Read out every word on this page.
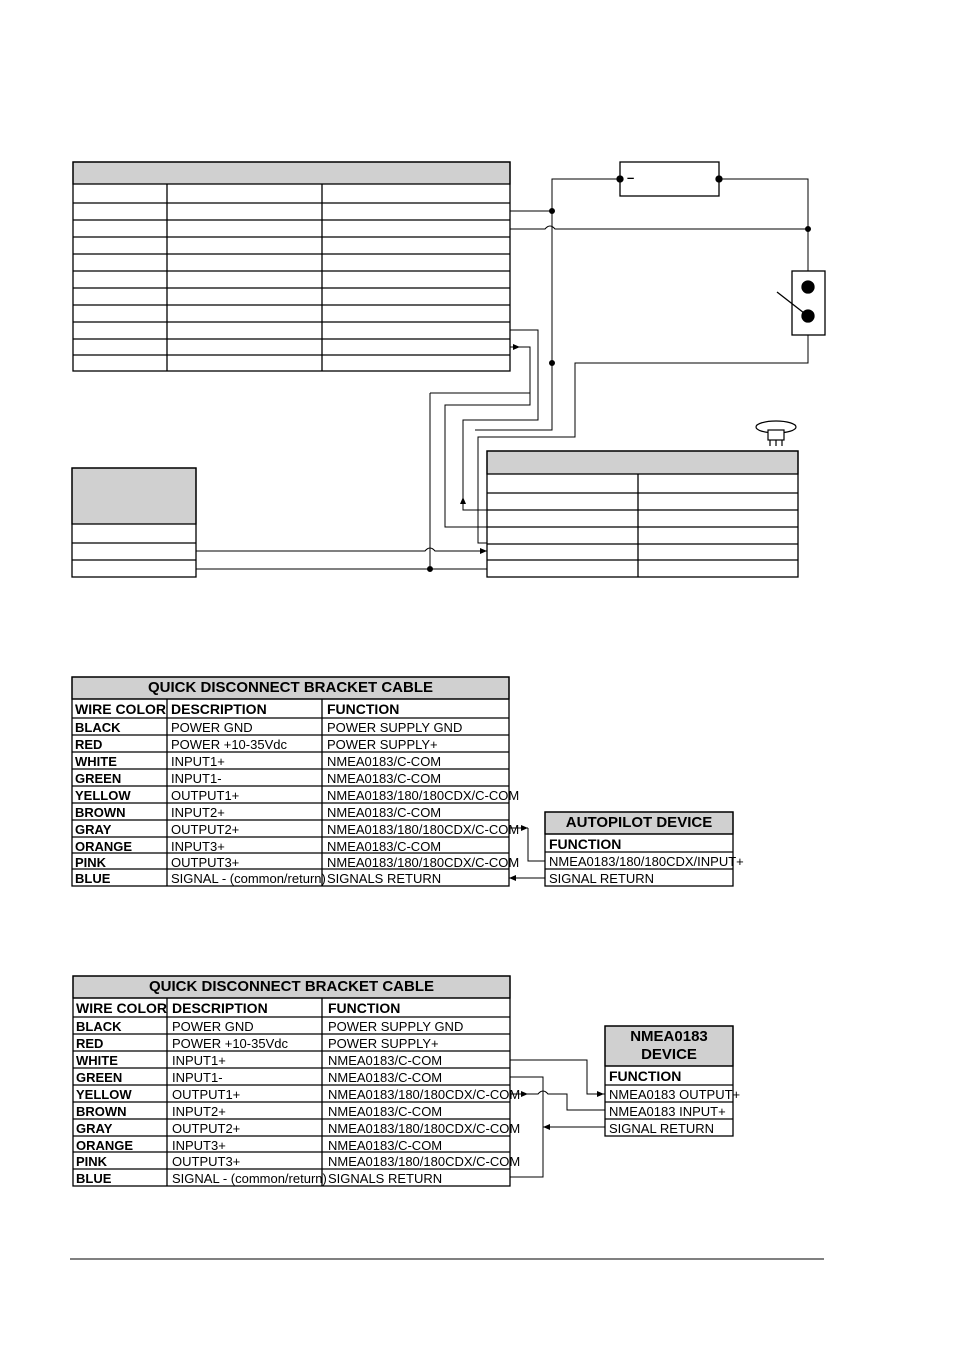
–
QUICK DISCONNECT BRACKET CABLE
WIRE COLOR DESCRIPTION	FUNCTION
BLACK	POWER GND	POWER SUPPLY GND
RED	POWER +10-35Vdc	POWER SUPPLY+
WHITE	INPUT1+	NMEA0183/C-COM
GREEN	INPUT1-	NMEA0183/C-COM
YELLOW	OUTPUT1+	NMEA0183/180/180CDX/C-COM
BROWN	INPUT2+	NMEA0183/C-COM
GRAY	OUTPUT2+	NMEA0183/180/180CDX/C-COM
ORANGE	INPUT3+	NMEA0183/C-COM
PINK	OUTPUT3+	NMEA0183/180/180CDX/C-COM
BLUE	SIGNAL - (common/return) SIGNALS RETURN
AUTOPILOT DEVICE
FUNCTION
NMEA0183/180/180CDX/INPUT+
SIGNAL RETURN
QUICK DISCONNECT BRACKET CABLE
WIRE COLOR DESCRIPTION	FUNCTION
BLACK	POWER GND	POWER SUPPLY GND
RED	POWER +10-35Vdc	POWER SUPPLY+
WHITE	INPUT1+	NMEA0183/C-COM
GREEN	INPUT1-	NMEA0183/C-COM
YELLOW	OUTPUT1+	NMEA0183/180/180CDX/C-COM
BROWN	INPUT2+	NMEA0183/C-COM
GRAY	OUTPUT2+	NMEA0183/180/180CDX/C-COM
ORANGE	INPUT3+	NMEA0183/C-COM
PINK	OUTPUT3+	NMEA0183/180/180CDX/C-COM
BLUE	SIGNAL - (common/return) SIGNALS RETURN
NMEA0183
DEVICE
FUNCTION
NMEA0183 OUTPUT+
NMEA0183 INPUT+
SIGNAL RETURN
